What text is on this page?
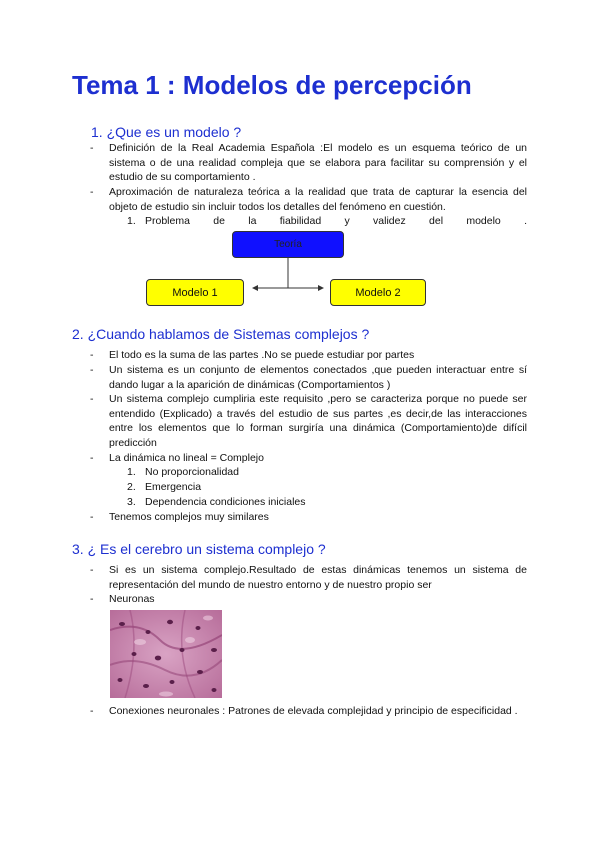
Tema 1 : Modelos de percepción
1. ¿Que es un modelo ?
- Definición de la Real Academia Española :El modelo es un esquema teórico de un sistema o de una realidad compleja que se elabora para facilitar su comprensión y el estudio de su comportamiento .
- Aproximación de naturaleza teórica a la realidad que trata de capturar la esencia del objeto de estudio sin incluir todos los detalles del fenómeno en cuestión.
1. Problema de la fiabilidad y validez del modelo .
Teoría
Modelo 1	Modelo 2
2. ¿Cuando hablamos de Sistemas complejos ?
- El todo es la suma de las partes .No se puede estudiar por partes
- Un sistema es un conjunto de elementos conectados ,que pueden interactuar entre sí dando lugar a la aparición de dinámicas (Comportamientos )
- Un sistema complejo cumpliria este requisito ,pero se caracteriza porque no puede ser entendido (Explicado) a través del estudio de sus partes ,es decir,de las interacciones entre los elementos que lo forman surgiría una dinámica (Comportamiento)de difícil predicción
- La dinámica no lineal = Complejo
1. No proporcionalidad
2. Emergencia
3. Dependencia condiciones iniciales
- Tenemos complejos muy similares
3. ¿ Es el cerebro un sistema complejo ?
- Si es un sistema complejo.Resultado de estas dinámicas tenemos un sistema de representación del mundo de nuestro entorno y de nuestro propio ser
- Neuronas
- Conexiones neuronales : Patrones de elevada complejidad y principio de especificidad .
